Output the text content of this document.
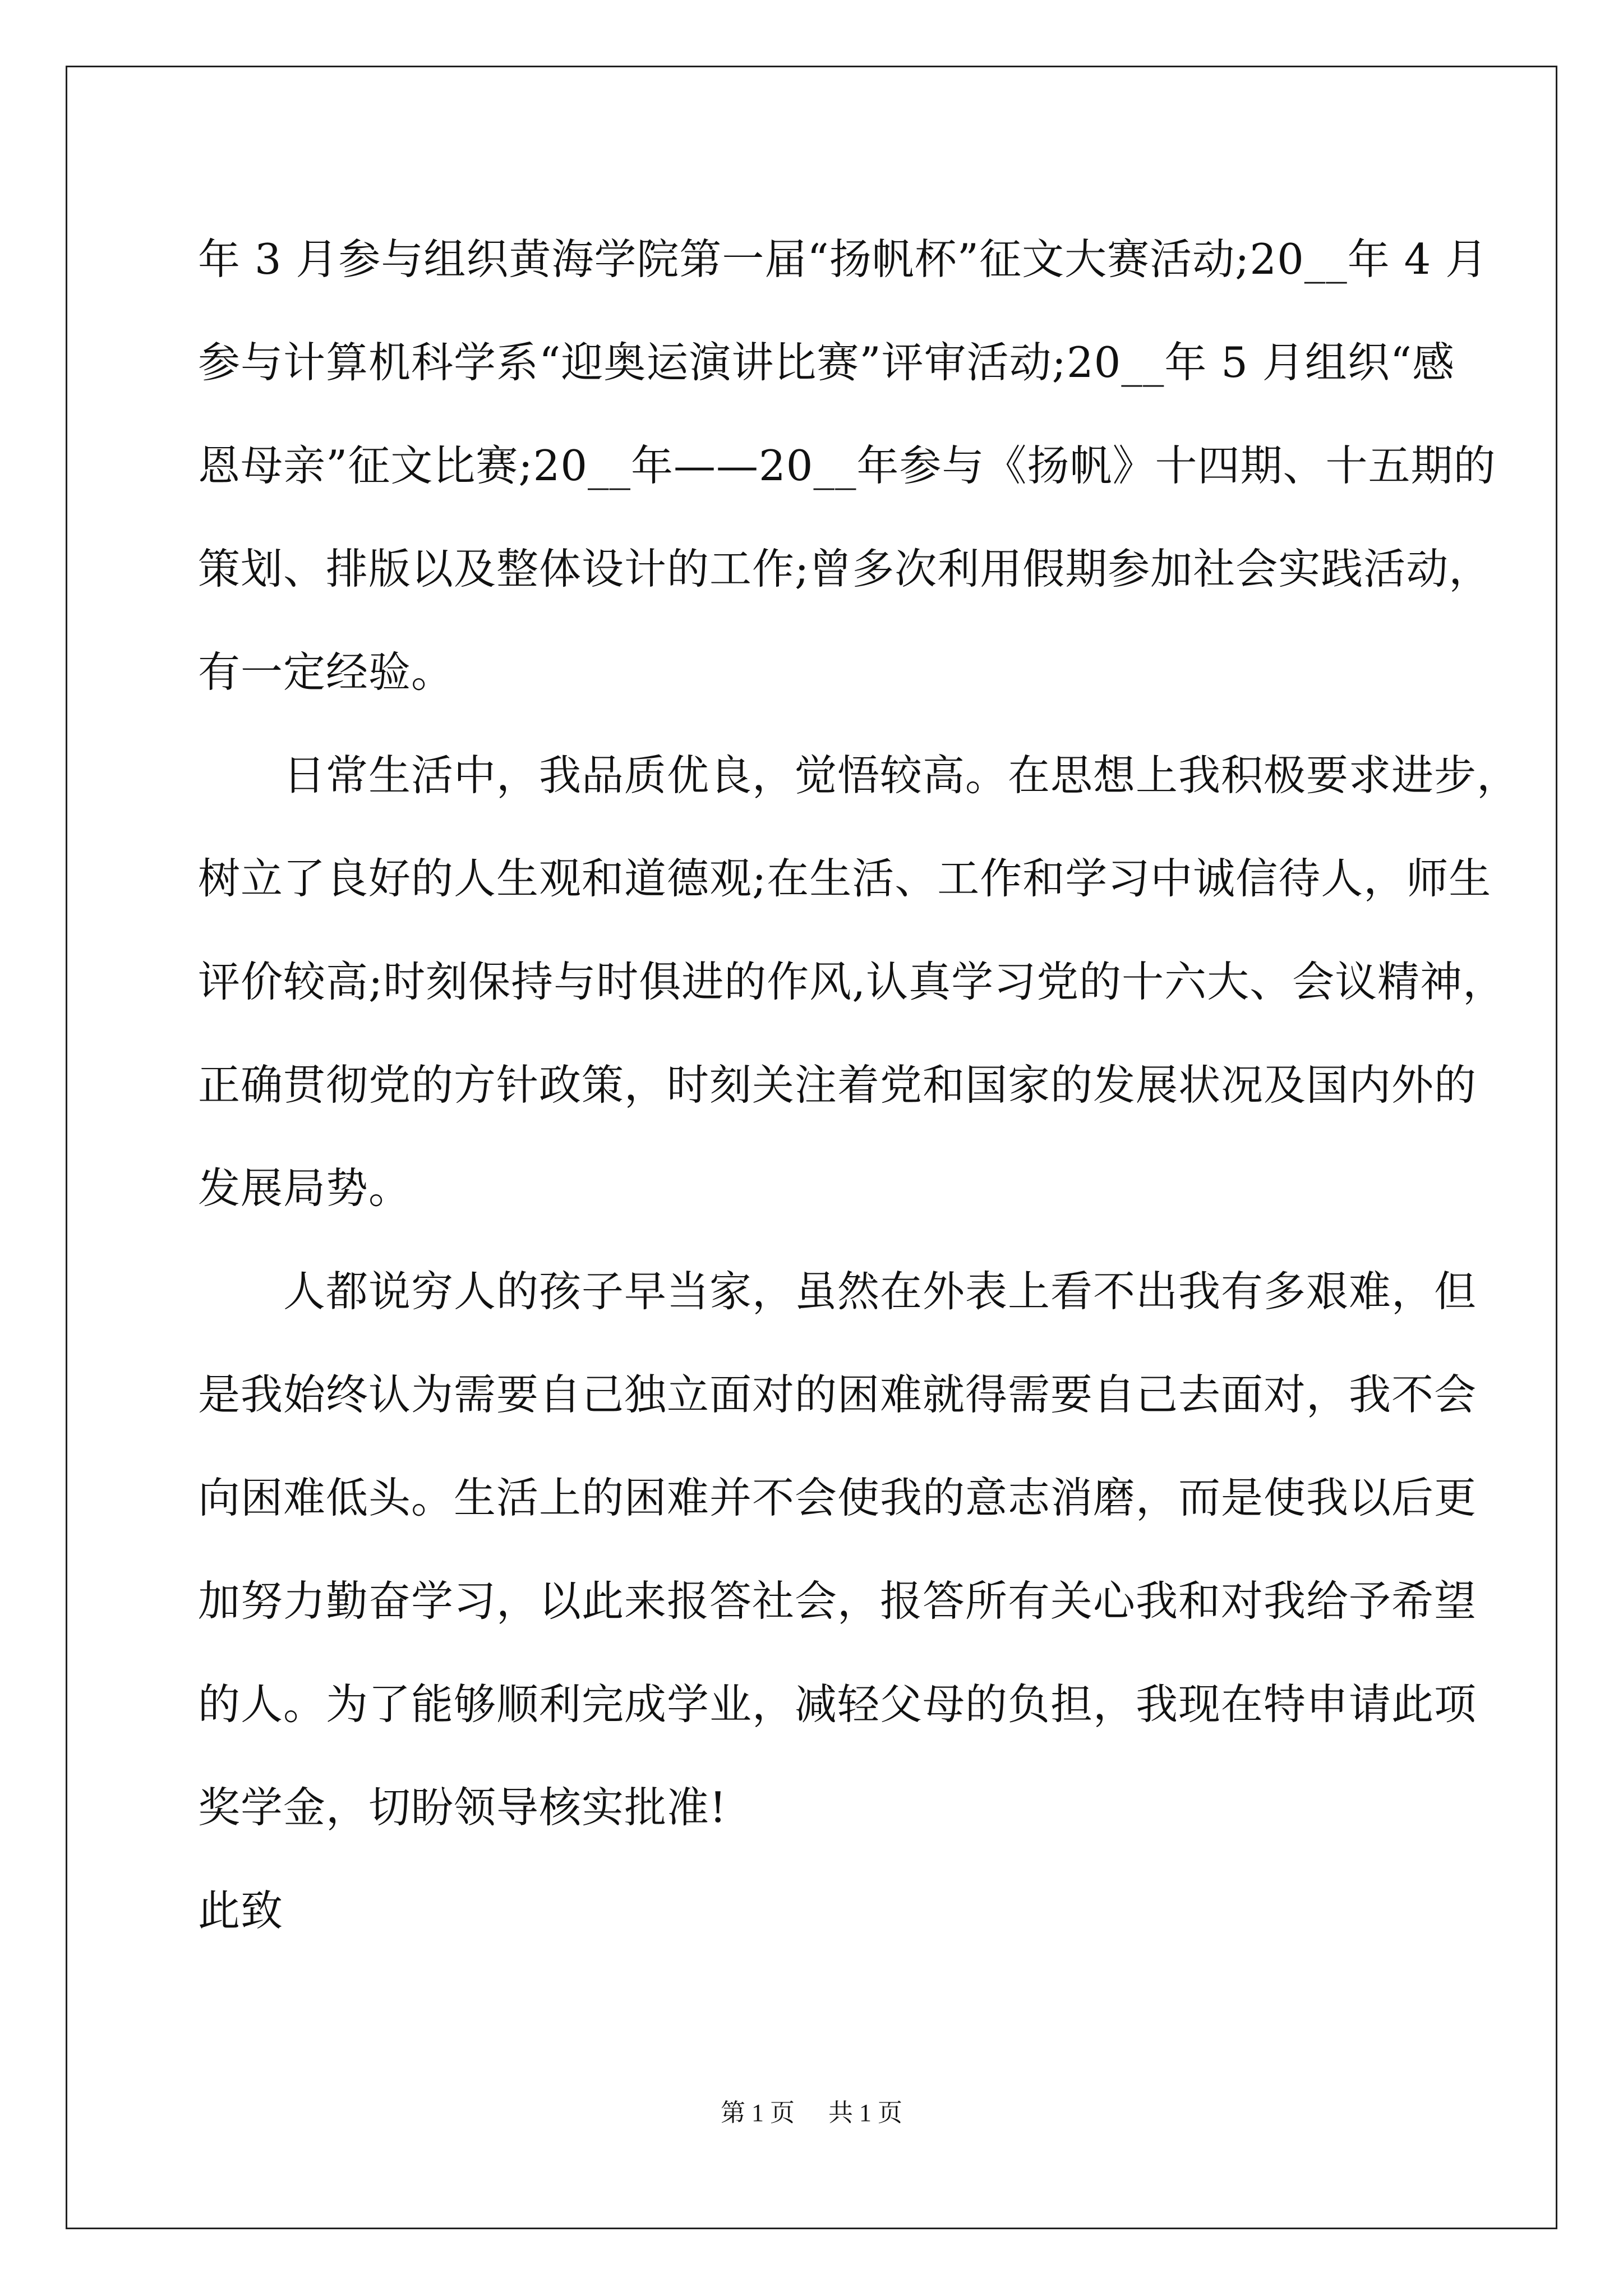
年 3 月参与组织黄海学院第一届“扬帆杯”征文大赛活动;20__年 4 月
参与计算机科学系“迎奥运演讲比赛”评审活动;20__年 5 月组织“感
恩母亲”征文比赛;20__年——20__年参与《扬帆》十四期、十五期的
策划、排版以及整体设计的工作;曾多次利用假期参加社会实践活动，
有一定经验。
　　日常生活中，我品质优良，觉悟较高。在思想上我积极要求进步，
树立了良好的人生观和道德观;在生活、工作和学习中诚信待人，师生
评价较高;时刻保持与时俱进的作风,认真学习党的十六大、会议精神，
正确贯彻党的方针政策，时刻关注着党和国家的发展状况及国内外的
发展局势。
　　人都说穷人的孩子早当家，虽然在外表上看不出我有多艰难，但
是我始终认为需要自己独立面对的困难就得需要自己去面对，我不会
向困难低头。生活上的困难并不会使我的意志消磨，而是使我以后更
加努力勤奋学习，以此来报答社会，报答所有关心我和对我给予希望
的人。为了能够顺利完成学业，减轻父母的负担，我现在特申请此项
奖学金，切盼领导核实批准!
此致
第 1 页 共 1 页
